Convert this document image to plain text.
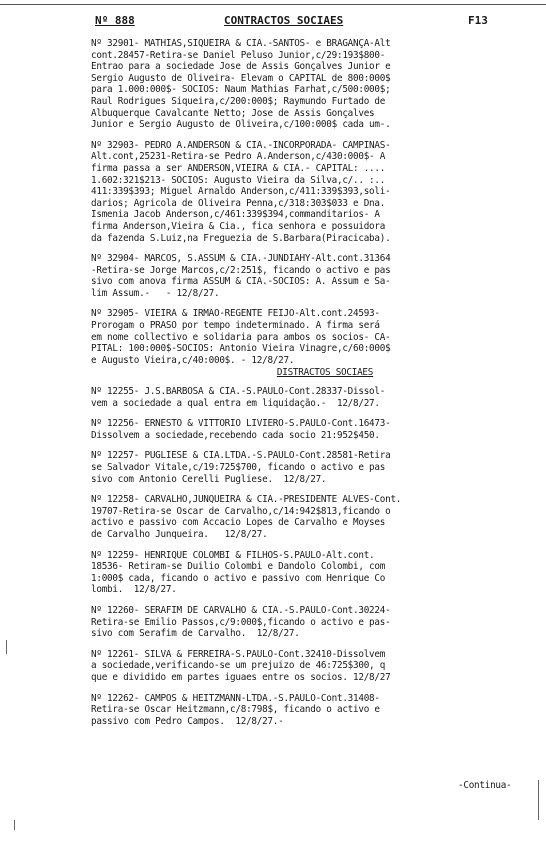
Nº 888	CONTRACTOS SOCIAES	F13
Nº 32901- MATHIAS,SIQUEIRA & CIA.-SANTOS- e BRAGANÇA-Alt
cont.28457-Retira-se Daniel Peluso Junior,c/29:193$800-
Entrao para a sociedade Jose de Assis Gonçalves Junior e
Sergio Augusto de Oliveira- Elevam o CAPITAL de 800:000$
para 1.000:000$- SOCIOS: Naum Mathias Farhat,c/500:000$;
Raul Rodrigues Siqueira,c/200:000$; Raymundo Furtado de
Albuquerque Cavalcante Netto; Jose de Assis Gonçalves
Junior e Sergio Augusto de Oliveira,c/100:000$ cada um-.
Nº 32903- PEDRO A.ANDERSON & CIA.-INCORPORADA- CAMPINAS-
Alt.cont,25231-Retira-se Pedro A.Anderson,c/430:000$- A
firma passa a ser ANDERSON,VIEIRA & CIA.- CAPITAL: ....
1.602:321$213- SOCIOS: Augusto Vieira da Silva,c/.. :..
411:339$393; Miguel Arnaldo Anderson,c/411:339$393,soli-
darios; Agricola de Oliveira Penna,c/318:303$033 e Dna.
Ismenia Jacob Anderson,c/461:339$394,commanditarios- A
firma Anderson,Vieira & Cia., fica senhora e possuidora
da fazenda S.Luiz,na Freguezia de S.Barbara(Piracicaba).
Nº 32904- MARCOS, S.ASSUM & CIA.-JUNDIAHY-Alt.cont.31364
-Retira-se Jorge Marcos,c/2:251$, ficando o activo e pas
sivo com anova firma ASSUM & CIA.-SOCIOS: A. Assum e Sa-
lim Assum.-   - 12/8/27.
Nº 32905- VIEIRA & IRMÃO-REGENTE FEIJO-Alt.cont.24593-
Prorogam o PRASO por tempo indeterminado. A firma será
em nome collectivo e solidaria para ambos os socios- CA-
PITAL: 100:000$-SOCIOS: Antonio Vieira Vinagre,c/60:000$
e Augusto Vieira,c/40:000$. - 12/8/27.
DISTRACTOS SOCIAES
Nº 12255- J.S.BARBOSA & CIA.-S.PAULO-Cont.28337-Dissol-
vem a sociedade a qual entra em liquidação.-  12/8/27.
Nº 12256- ERNESTO & VITTORIO LIVIERO-S.PAULO-Cont.16473-
Dissolvem a sociedade,recebendo cada socio 21:952$450.
Nº 12257- PUGLIESE & CIA.LTDA.-S.PAULO-Cont.28581-Retira
se Salvador Vitale,c/19:725$700, ficando o activo e pas
sivo com Antonio Cerelli Pugliese.  12/8/27.
Nº 12258- CARVALHO,JUNQUEIRA & CIA.-PRESIDENTE ALVES-Cont.
19707-Retira-se Oscar de Carvalho,c/14:942$813,ficando o
activo e passivo com Accacio Lopes de Carvalho e Moyses
de Carvalho Junqueira.   12/8/27.
Nº 12259- HENRIQUE COLOMBI & FILHOS-S.PAULO-Alt.cont.
18536- Retiram-se Duilio Colombi e Dandolo Colombi, com
1:000$ cada, ficando o activo e passivo com Henrique Co
lombi.  12/8/27.
Nº 12260- SERAFIM DE CARVALHO & CIA.-S.PAULO-Cont.30224-
Retira-se Emilio Passos,c/9:000$,ficando o activo e pas-
sivo com Serafim de Carvalho.  12/8/27.
Nº 12261- SILVA & FERREIRA-S.PAULO-Cont.32410-Dissolvem
a sociedade,verificando-se um prejuizo de 46:725$300, q
que e dividido em partes iguaes entre os socios. 12/8/27
Nº 12262- CAMPOS & HEITZMANN-LTDA.-S.PAULO-Cont.31408-
Retira-se Oscar Heitzmann,c/8:798$, ficando o activo e
passivo com Pedro Campos.  12/8/27.-
-Continua-
